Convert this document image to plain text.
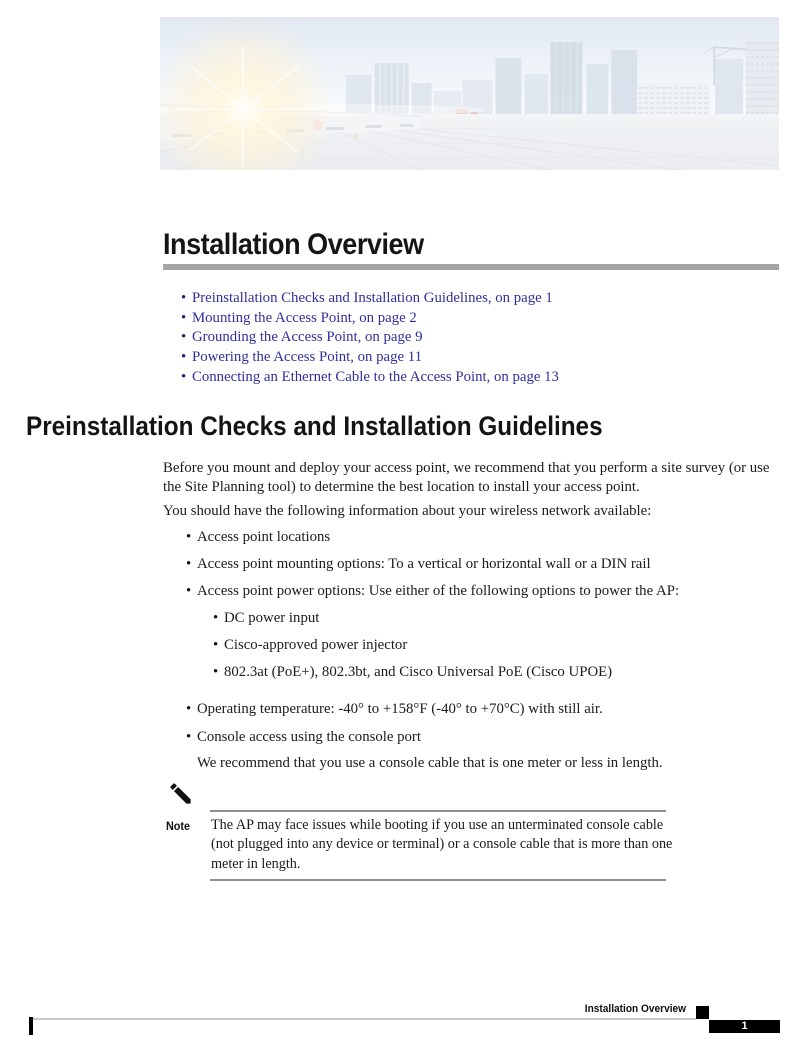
Installation Overview
•
Preinstallation Checks and Installation Guidelines, on page 1
•
Mounting the Access Point, on page 2
•
Grounding the Access Point, on page 9
•
Powering the Access Point, on page 11
•
Connecting an Ethernet Cable to the Access Point, on page 13
Preinstallation Checks and Installation Guidelines
Before you mount and deploy your access point, we recommend that you perform a site survey (or use the Site Planning tool) to determine the best location to install your access point.
You should have the following information about your wireless network available:
•
Access point locations
•
Access point mounting options: To a vertical or horizontal wall or a DIN rail
•
Access point power options: Use either of the following options to power the AP:
•
DC power input
•
Cisco-approved power injector
•
802.3at (PoE+), 802.3bt, and Cisco Universal PoE (Cisco UPOE)
•
Operating temperature: -40° to +158°F (-40° to +70°C) with still air.
•
Console access using the console port
We recommend that you use a console cable that is one meter or less in length.
Note The AP may face issues while booting if you use an unterminated console cable (not plugged into any device or terminal) or a console cable that is more than one meter in length.
Installation Overview
1
